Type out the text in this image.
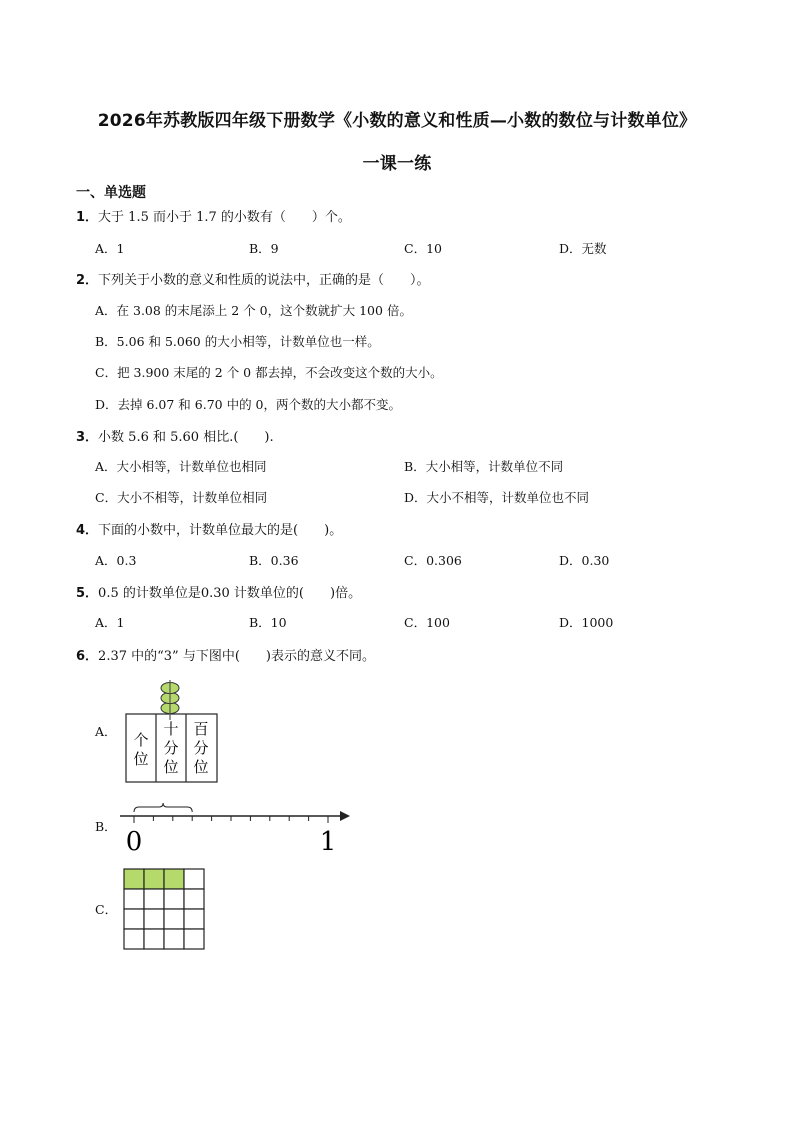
2026年苏教版四年级下册数学《小数的意义和性质—小数的数位与计数单位》
一课一练
一、单选题
1．大于 1.5 而小于 1.7 的小数有（　　）个。
A．1	B．9	C．10	D．无数
2．下列关于小数的意义和性质的说法中，正确的是（　　）。
A．在 3.08 的末尾添上 2 个 0，这个数就扩大 100 倍。
B．5.06 和 5.060 的大小相等，计数单位也一样。
C．把 3.900 末尾的 2 个 0 都去掉，不会改变这个数的大小。
D．去掉 6.07 和 6.70 中的 0，两个数的大小都不变。
3．小数 5.6 和 5.60 相比.(　　).
A．大小相等，计数单位也相同	B．大小相等，计数单位不同
C．大小不相等，计数单位相同	D．大小不相等，计数单位也不同
4．下面的小数中，计数单位最大的是(　　)。
A．0.3	B．0.36	C．0.306	D．0.30
5．0.5 的计数单位是0.30 计数单位的(　　)倍。
A．1	B．10	C．100	D．1000
6．2.37 中的“3” 与下图中(　　)表示的意义不同。
A． 个
位
十
分
位
百
分
位
B．
0	1
C．
